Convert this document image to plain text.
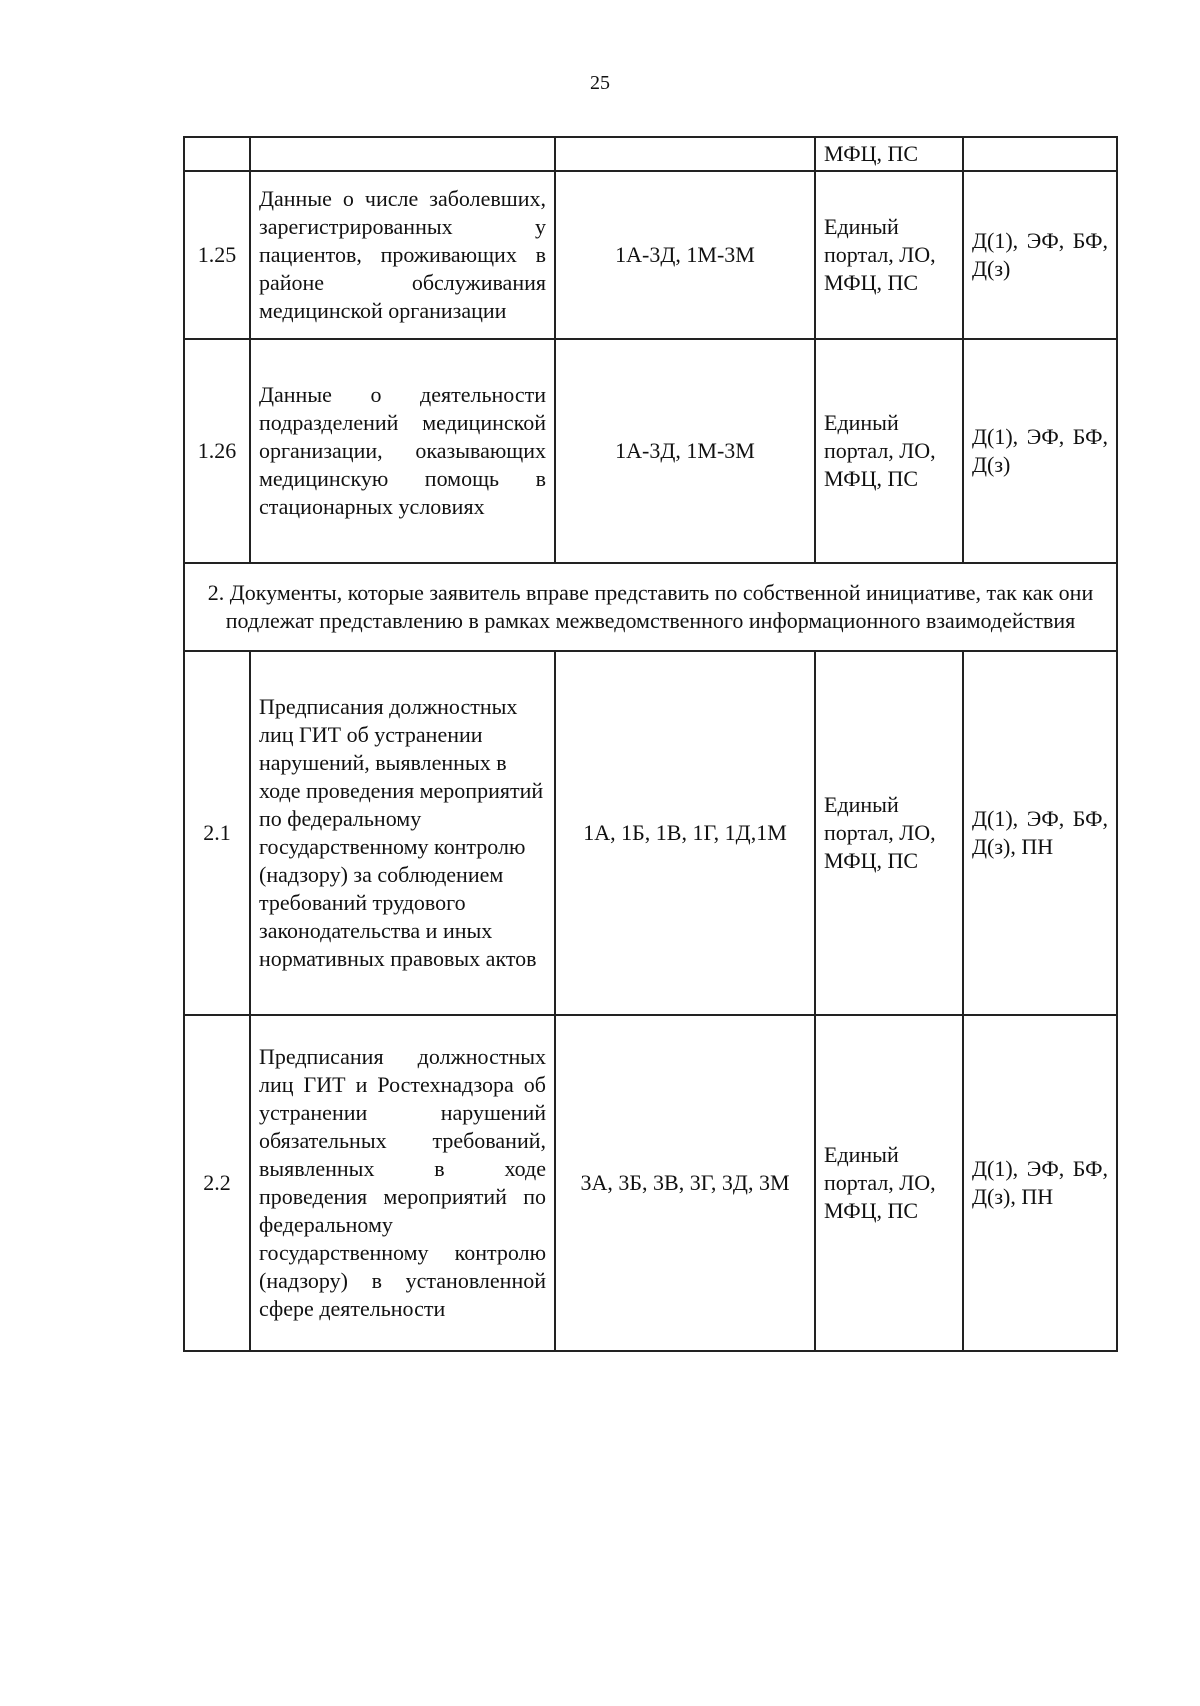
25
			МФЦ, ПС	
1.25	Данные о числе заболевших, зарегистрированных у пациентов, проживающих в районе обслуживания медицинской организации	1А-3Д, 1М-3М	Единый портал, ЛО, МФЦ, ПС	Д(1), ЭФ, БФ, Д(з)
1.26	Данные о деятельности подразделений медицинской организации, оказывающих медицинскую помощь в стационарных условиях	1А-3Д, 1М-3М	Единый портал, ЛО, МФЦ, ПС	Д(1), ЭФ, БФ, Д(з)
2. Документы, которые заявитель вправе представить по собственной инициативе, так как они подлежат представлению в рамках межведомственного информационного взаимодействия				
2.1	Предписания должностных лиц ГИТ об устранении нарушений, выявленных в ходе проведения мероприятий по федеральному государственному контролю (надзору) за соблюдением требований трудового законодательства и иных нормативных правовых актов	1А, 1Б, 1В, 1Г, 1Д,1М	Единый портал, ЛО, МФЦ, ПС	Д(1), ЭФ, БФ, Д(з), ПН
2.2	Предписания должностных лиц ГИТ и Ростехнадзора об устранении нарушений обязательных требований, выявленных в ходе проведения мероприятий по федеральному государственному контролю (надзору) в установленной сфере деятельности	3А, 3Б, 3В, 3Г, 3Д, 3М	Единый портал, ЛО, МФЦ, ПС	Д(1), ЭФ, БФ, Д(з), ПН
